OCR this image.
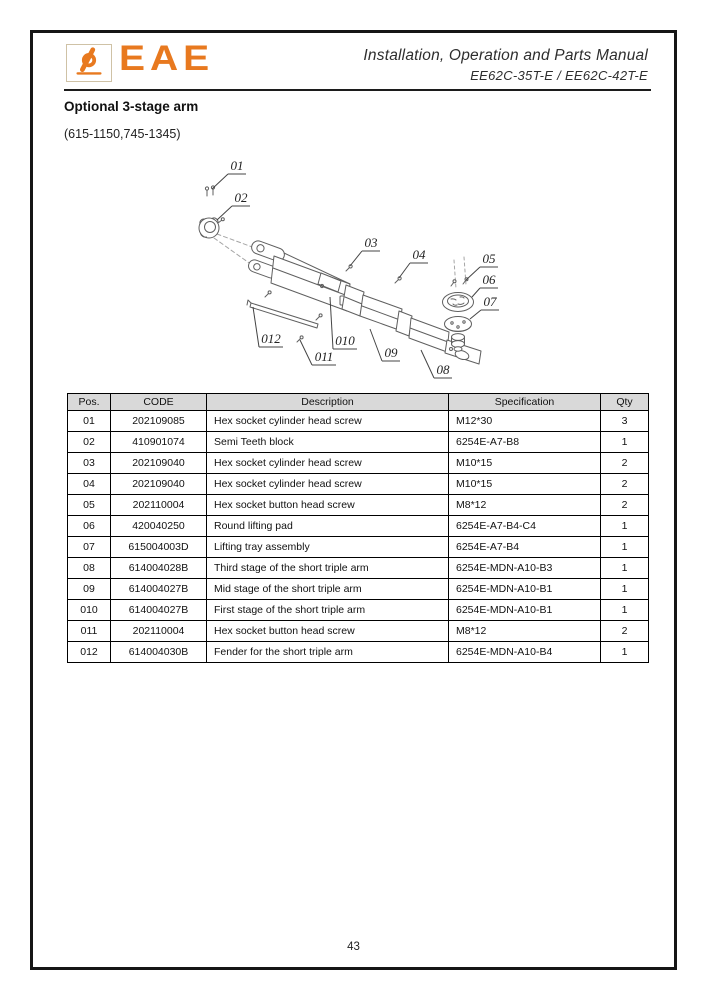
EAE	Installation, Operation and Parts Manual
EE62C-35T-E / EE62C-42T-E
Optional 3-stage arm
(615-1150,745-1345)
01
02
03
04	05
06
07
08
09
010
011
012
Pos.	CODE	Description	Specification	Qty
01	202109085	Hex socket cylinder head screw	M12*30	3
02	410901074	Semi Teeth block	6254E-A7-B8	1
03	202109040	Hex socket cylinder head screw	M10*15	2
04	202109040	Hex socket cylinder head screw	M10*15	2
05	202110004	Hex socket button head screw	M8*12	2
06	420040250	Round lifting pad	6254E-A7-B4-C4	1
07	615004003D	Lifting tray assembly	6254E-A7-B4	1
08	614004028B	Third stage of the short triple arm	6254E-MDN-A10-B3	1
09	614004027B	Mid stage of the short triple arm	6254E-MDN-A10-B1	1
010	614004027B	First stage of the short triple arm	6254E-MDN-A10-B1	1
011	202110004	Hex socket button head screw	M8*12	2
012	614004030B	Fender for the short triple arm	6254E-MDN-A10-B4	1
43
